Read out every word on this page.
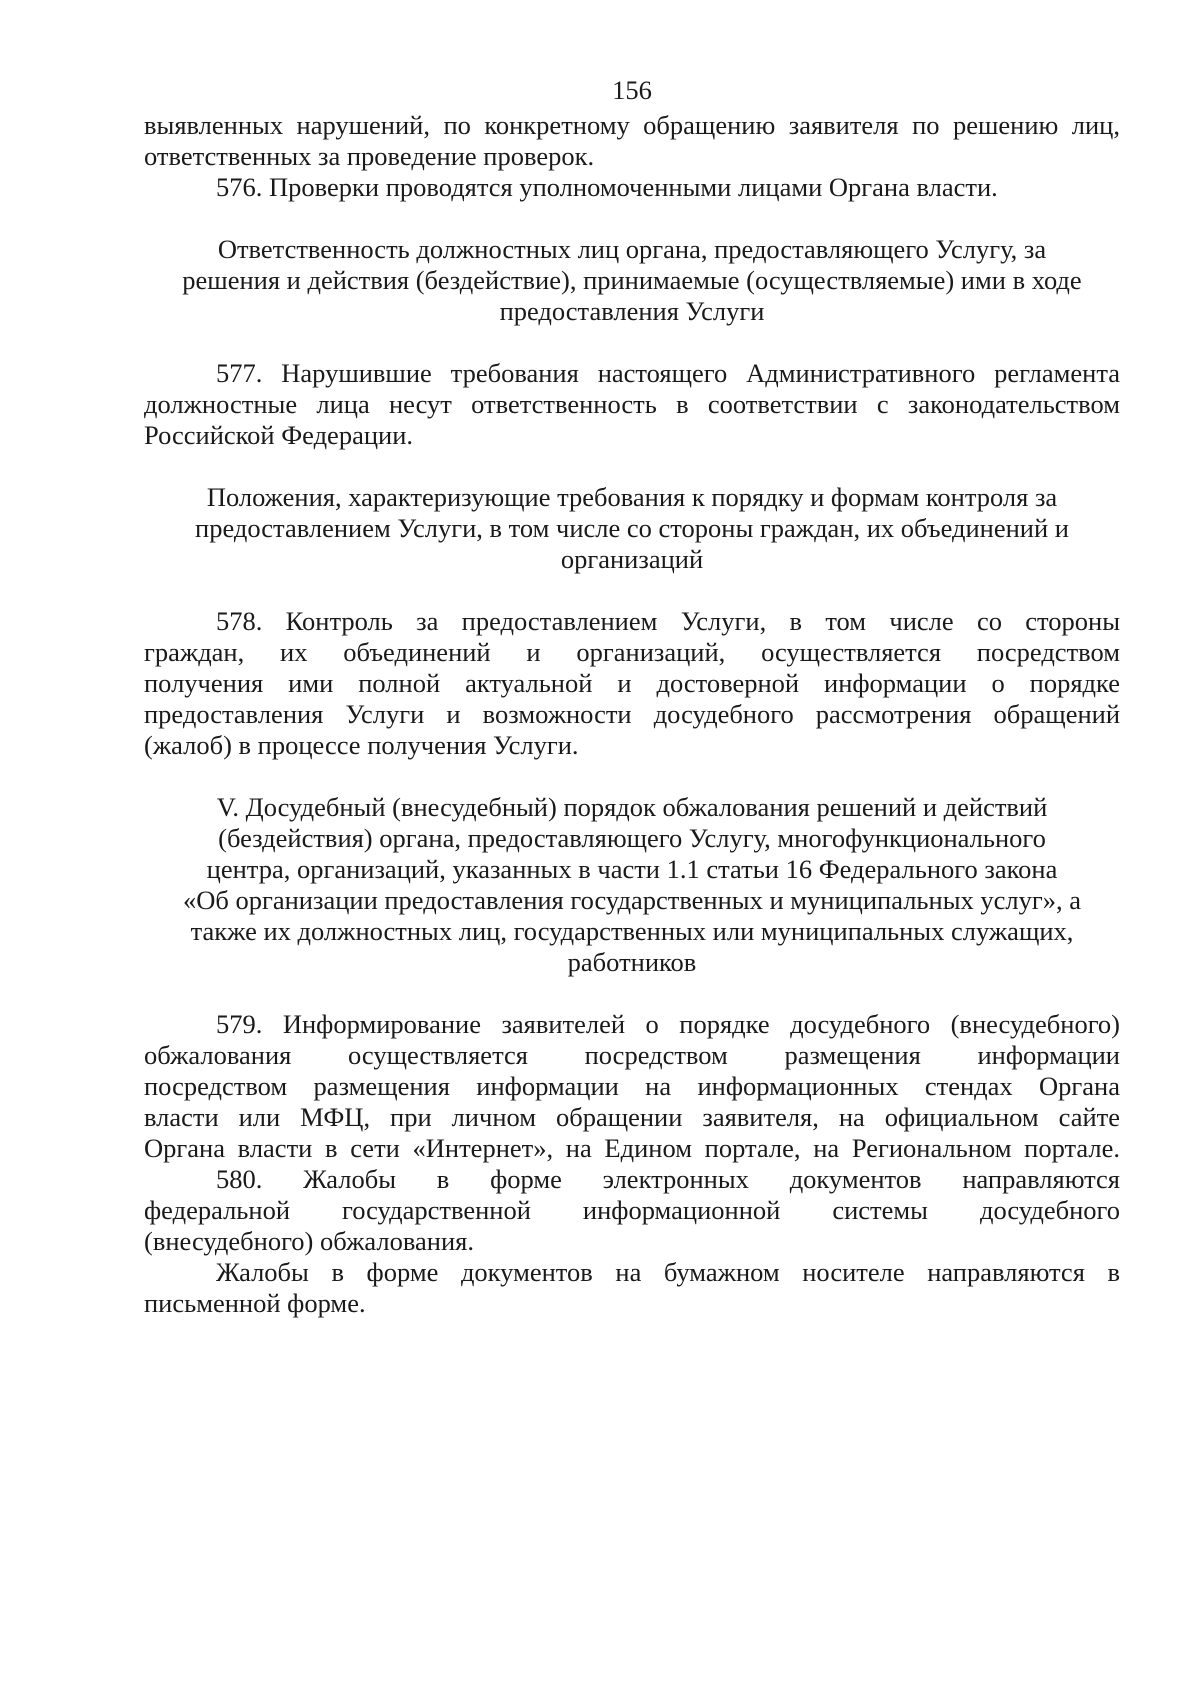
156
выявленных нарушений, по конкретному обращению заявителя по решению лиц,
ответственных за проведение проверок.
576. Проверки проводятся уполномоченными лицами Органа власти.
Ответственность должностных лиц органа, предоставляющего Услугу, за
решения и действия (бездействие), принимаемые (осуществляемые) ими в ходе
предоставления Услуги
577. Нарушившие требования настоящего Административного регламента
должностные лица несут ответственность в соответствии с законодательством
Российской Федерации.
Положения, характеризующие требования к порядку и формам контроля за
предоставлением Услуги, в том числе со стороны граждан, их объединений и
организаций
578. Контроль за предоставлением Услуги, в том числе со стороны
граждан, их объединений и организаций, осуществляется посредством
получения ими полной актуальной и достоверной информации о порядке
предоставления Услуги и возможности досудебного рассмотрения обращений
(жалоб) в процессе получения Услуги.
V. Досудебный (внесудебный) порядок обжалования решений и действий
(бездействия) органа, предоставляющего Услугу, многофункционального
центра, организаций, указанных в части 1.1 статьи 16 Федерального закона
«Об организации предоставления государственных и муниципальных услуг», а
также их должностных лиц, государственных или муниципальных служащих,
работников
579. Информирование заявителей о порядке досудебного (внесудебного)
обжалования осуществляется посредством размещения информации
посредством размещения информации на информационных стендах Органа
власти или МФЦ, при личном обращении заявителя, на официальном сайте
Органа власти в сети «Интернет», на Едином портале, на Региональном портале.
580. Жалобы в форме электронных документов направляются
федеральной государственной информационной системы досудебного
(внесудебного) обжалования.
Жалобы в форме документов на бумажном носителе направляются в
письменной форме.
